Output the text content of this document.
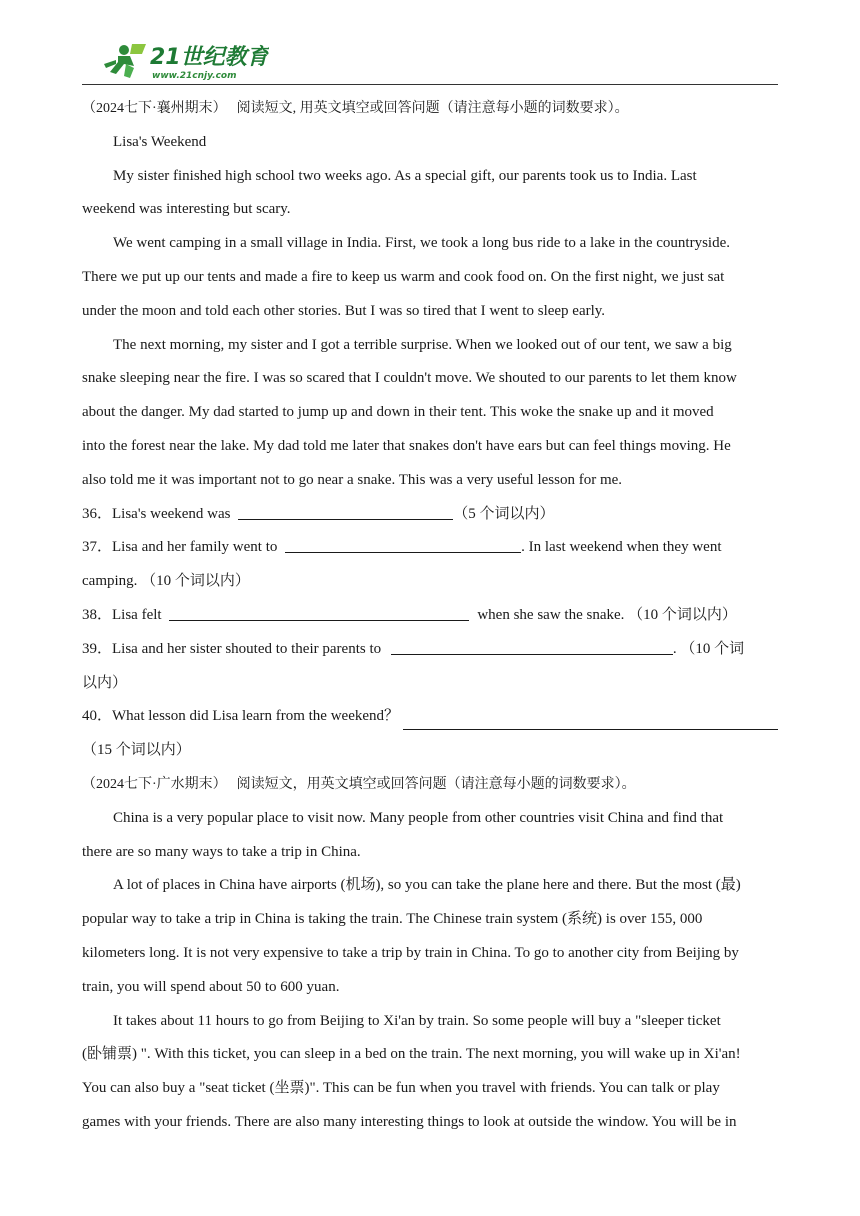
21世纪教育
www.21cnjy.com
（2024七下·襄州期末） 阅读短文, 用英文填空或回答问题（请注意每小题的词数要求）。
Lisa's Weekend
My sister finished high school two weeks ago. As a special gift, our parents took us to India. Last
weekend was interesting but scary.
We went camping in a small village in India. First, we took a long bus ride to a lake in the countryside.
There we put up our tents and made a fire to keep us warm and cook food on. On the first night, we just sat
under the moon and told each other stories. But I was so tired that I went to sleep early.
The next morning, my sister and I got a terrible surprise. When we looked out of our tent, we saw a big
snake sleeping near the fire. I was so scared that I couldn't move. We shouted to our parents to let them know
about the danger. My dad started to jump up and down in their tent. This woke the snake up and it moved
into the forest near the lake. My dad told me later that snakes don't have ears but can feel things moving. He
also told me it was important not to go near a snake. This was a very useful lesson for me.
36．Lisa's weekend was	（5 个词以内）
37．Lisa and her family went to	. In last weekend when they went
camping. （10 个词以内）
38．Lisa felt	when she saw the snake. （10 个词以内）
39．Lisa and her sister shouted to their parents to	. （10 个词
以内）
40． What lesson did Lisa learn from the weekend？
（15 个词以内）
（2024七下·广水期末） 阅读短文，用英文填空或回答问题（请注意每小题的词数要求）。
China is a very popular place to visit now. Many people from other countries visit China and find that
there are so many ways to take a trip in China.
A lot of places in China have airports (机场), so you can take the plane here and there. But the most (最)
popular way to take a trip in China is taking the train. The Chinese train system (系统) is over 155, 000
kilometers long. It is not very expensive to take a trip by train in China. To go to another city from Beijing by
train, you will spend about 50 to 600 yuan.
It takes about 11 hours to go from Beijing to Xi'an by train. So some people will buy a "sleeper ticket
(卧铺票) ". With this ticket, you can sleep in a bed on the train. The next morning, you will wake up in Xi'an!
You can also buy a "seat ticket (坐票)". This can be fun when you travel with friends. You can talk or play
games with your friends. There are also many interesting things to look at outside the window. You will be in
